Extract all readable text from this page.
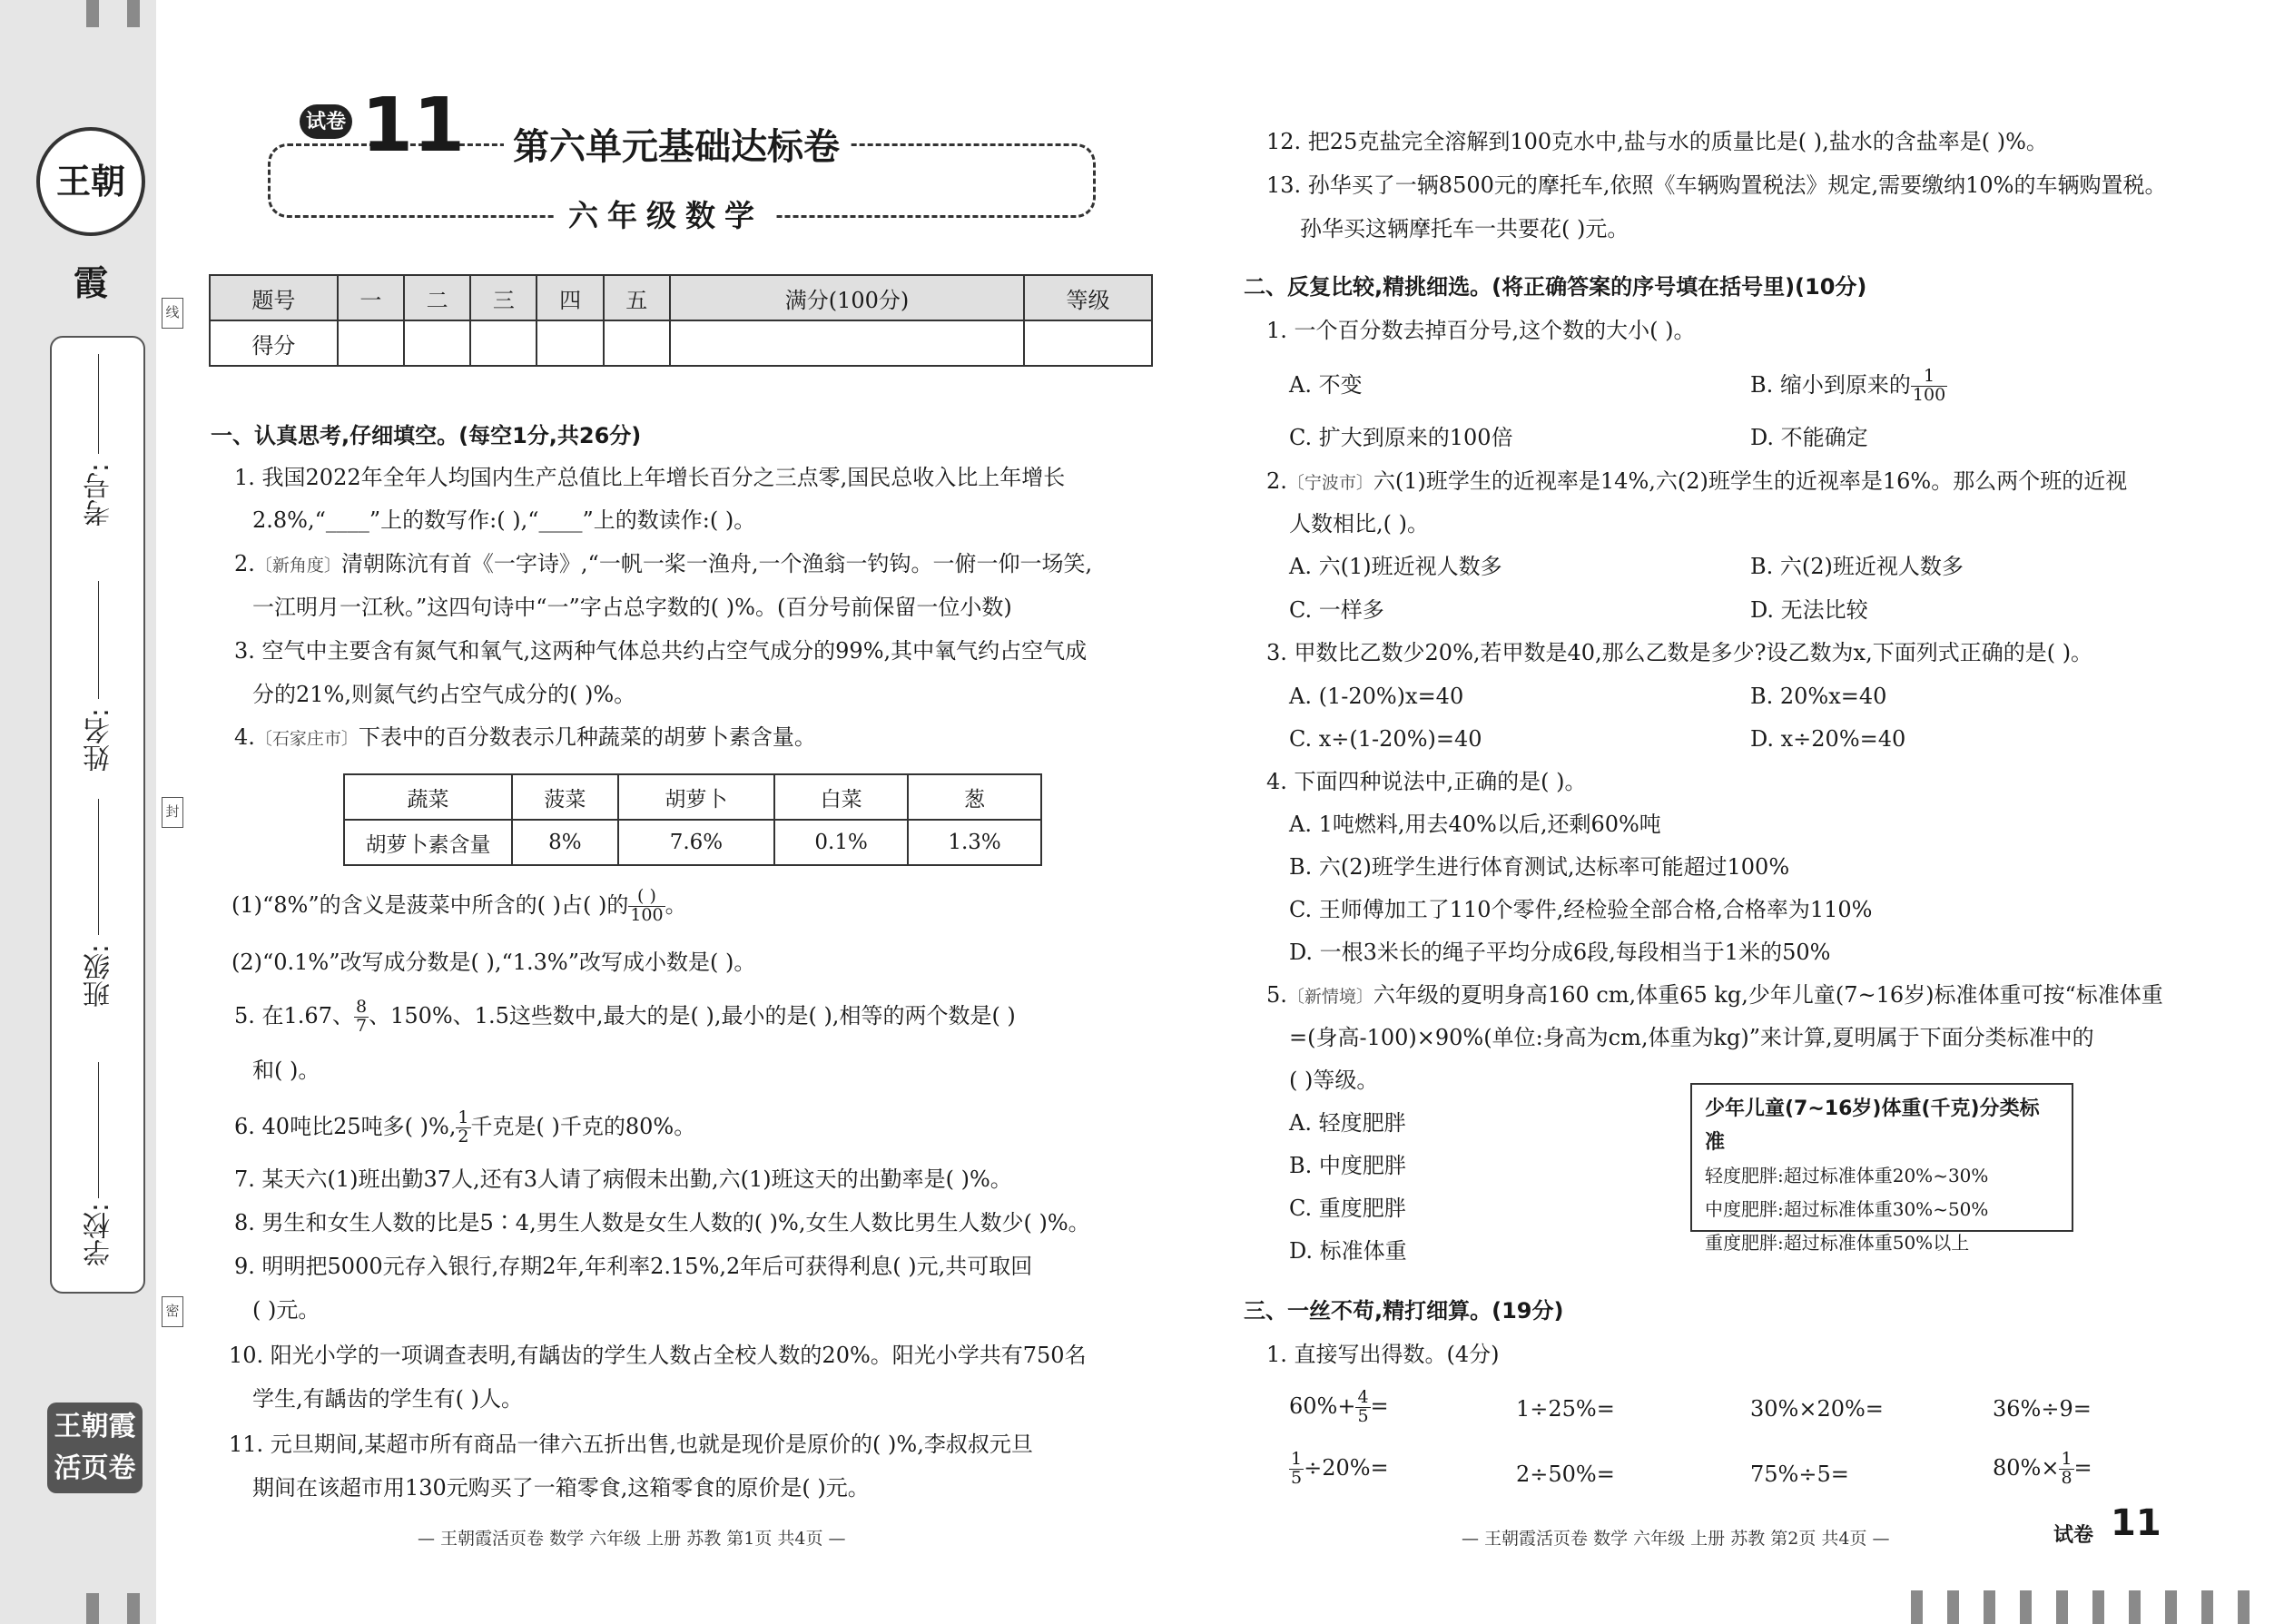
王朝霞
学校:
班级:
姓名:
考号:
线
封
密
王朝霞
活页卷
试卷 11 第六单元基础达标卷
六年级数学
题号	一	二	三	四	五	满分(100分)	等级
得分							
一、认真思考,仔细填空。(每空1分,共26分)
1. 我国2022年全年人均国内生产总值比上年增长百分之三点零,国民总收入比上年增长
2.8%,“____”上的数写作:( ),“____”上的数读作:( )。
2.〔新角度〕清朝陈沆有首《一字诗》,“一帆一桨一渔舟,一个渔翁一钓钩。一俯一仰一场笑,
一江明月一江秋。”这四句诗中“一”字占总字数的( )%。(百分号前保留一位小数)
3. 空气中主要含有氮气和氧气,这两种气体总共约占空气成分的99%,其中氧气约占空气成
分的21%,则氮气约占空气成分的( )%。
4.〔石家庄市〕下表中的百分数表示几种蔬菜的胡萝卜素含量。
蔬菜	菠菜	胡萝卜	白菜	葱
胡萝卜素含量	8%	7.6%	0.1%	1.3%
(1)“8%”的含义是菠菜中所含的( )占( )的 $\frac{( )}{100}$ 。
(2)“0.1%”改写成分数是( ),“1.3%”改写成小数是( )。
5. 在1.67、 $\frac{8}{7}$ 、150%、1.5这些数中,最大的是( ),最小的是( ),相等的两个数是( )
和( )。
6. 40吨比25吨多( )%, $\frac{1}{2}$ 千克是( )千克的80%。
7. 某天六(1)班出勤37人,还有3人请了病假未出勤,六(1)班这天的出勤率是( )%。
8. 男生和女生人数的比是5∶4,男生人数是女生人数的( )%,女生人数比男生人数少( )%。
9. 明明把5000元存入银行,存期2年,年利率2.15%,2年后可获得利息( )元,共可取回
( )元。
10. 阳光小学的一项调查表明,有龋齿的学生人数占全校人数的20%。阳光小学共有750名
学生,有龋齿的学生有( )人。
11. 元旦期间,某超市所有商品一律六五折出售,也就是现价是原价的( )%,李叔叔元旦
期间在该超市用130元购买了一箱零食,这箱零食的原价是( )元。
— 王朝霞活页卷 数学 六年级 上册 苏教 第1页 共4页 —
12. 把25克盐完全溶解到100克水中,盐与水的质量比是( ),盐水的含盐率是( )%。
13. 孙华买了一辆8500元的摩托车,依照《车辆购置税法》规定,需要缴纳10%的车辆购置税。
孙华买这辆摩托车一共要花( )元。
二、反复比较,精挑细选。(将正确答案的序号填在括号里)(10分)
1. 一个百分数去掉百分号,这个数的大小( )。
A. 不变	B. 缩小到原来的 $\frac{1}{100}$
C. 扩大到原来的100倍	D. 不能确定
2.〔宁波市〕六(1)班学生的近视率是14%,六(2)班学生的近视率是16%。那么两个班的近视
人数相比,( )。
A. 六(1)班近视人数多	B. 六(2)班近视人数多
C. 一样多	D. 无法比较
3. 甲数比乙数少20%,若甲数是40,那么乙数是多少?设乙数为x,下面列式正确的是( )。
A. (1-20%)x=40	B. 20%x=40
C. x÷(1-20%)=40	D. x÷20%=40
4. 下面四种说法中,正确的是( )。
A. 1吨燃料,用去40%以后,还剩60%吨
B. 六(2)班学生进行体育测试,达标率可能超过100%
C. 王师傅加工了110个零件,经检验全部合格,合格率为110%
D. 一根3米长的绳子平均分成6段,每段相当于1米的50%
5.〔新情境〕六年级的夏明身高160 cm,体重65 kg,少年儿童(7~16岁)标准体重可按“标准体重
=(身高-100)×90%(单位:身高为cm,体重为kg)”来计算,夏明属于下面分类标准中的
( )等级。
A. 轻度肥胖
B. 中度肥胖
C. 重度肥胖
D. 标准体重
少年儿童(7~16岁)体重(千克)分类标准
轻度肥胖:超过标准体重20%~30%
中度肥胖:超过标准体重30%~50%
重度肥胖:超过标准体重50%以上
三、一丝不苟,精打细算。(19分)
1. 直接写出得数。(4分)
$60\%+ \frac{4}{5}$ =	1÷25%=	30%×20%=	36%÷9=
$\frac{1}{5} \div 20\%=$	2÷50%=	75%÷5=	$80\%\times \frac{1}{8}$ =
— 王朝霞活页卷 数学 六年级 上册 苏教 第2页 共4页 —	试卷 11
